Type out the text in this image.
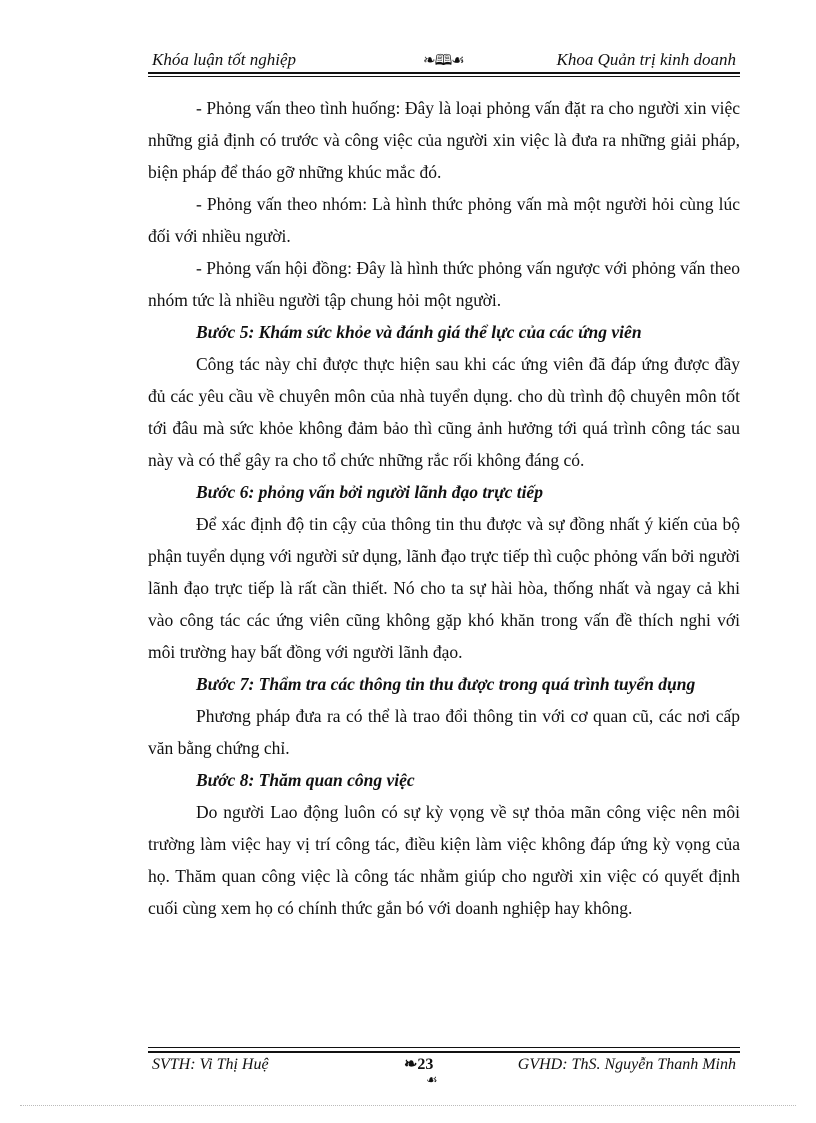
Khóa luận tốt nghiệp	❧🕮☙	Khoa Quản trị kinh doanh

- Phỏng vấn theo tình huống: Đây là loại phỏng vấn đặt ra cho người xin việc những giả định có trước và công việc của người xin việc là đưa ra những giải pháp, biện pháp để tháo gỡ những khúc mắc đó.

- Phỏng vấn theo nhóm: Là hình thức phỏng vấn mà một người hỏi cùng lúc đối với nhiều người.

- Phỏng vấn hội đồng: Đây là hình thức phỏng vấn ngược với phỏng vấn theo nhóm tức là nhiều người tập chung hỏi một người.

Bước 5: Khám sức khỏe và đánh giá thể lực của các ứng viên

Công tác này chỉ được thực hiện sau khi các ứng viên đã đáp ứng được đầy đủ các yêu cầu về chuyên môn của nhà tuyển dụng. cho dù trình độ chuyên môn tốt tới đâu mà sức khỏe không đảm bảo thì cũng ảnh hưởng tới quá trình công tác sau này và có thể gây ra cho tổ chức những rắc rối không đáng có.

Bước 6: phỏng vấn bởi người lãnh đạo trực tiếp

Để xác định độ tin cậy của thông tin thu được và sự đồng nhất ý kiến của bộ phận tuyển dụng với người sử dụng, lãnh đạo trực tiếp thì cuộc phỏng vấn bởi người lãnh đạo trực tiếp là rất cần thiết. Nó cho ta sự hài hòa, thống nhất và ngay cả khi vào công tác các ứng viên cũng không gặp khó khăn trong vấn đề thích nghi với môi trường hay bất đồng với người lãnh đạo.

Bước 7: Thẩm tra các thông tin thu được trong quá trình tuyển dụng

Phương pháp đưa ra có thể là trao đổi thông tin với cơ quan cũ, các nơi cấp văn bằng chứng chỉ.

Bước 8: Thăm quan công việc

Do người Lao động luôn có sự kỳ vọng về sự thỏa mãn công việc nên môi trường làm việc hay vị trí công tác, điều kiện làm việc không đáp ứng kỳ vọng của họ. Thăm quan công việc là công tác nhằm giúp cho người xin việc có quyết định cuối cùng xem họ có chính thức gắn bó với doanh nghiệp hay không.

SVTH: Vi Thị Huệ	❧23
☙
GVHD: ThS. Nguyễn Thanh Minh
